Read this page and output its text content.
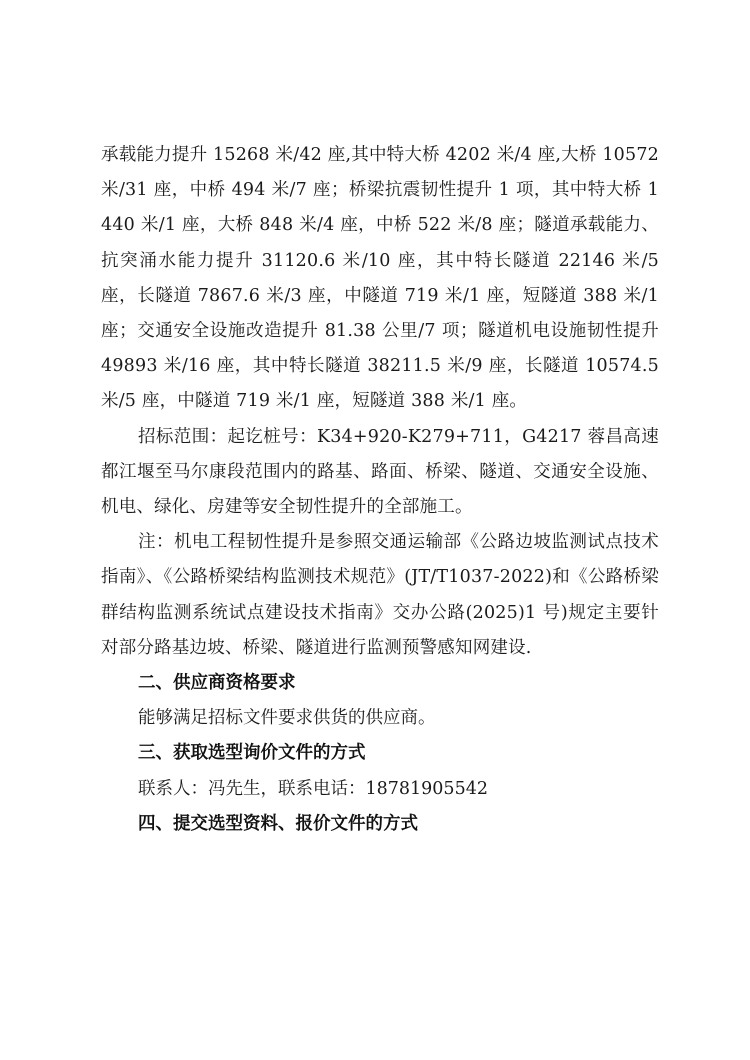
承载能力提升 15268 米/42 座,其中特大桥 4202 米/4 座,大桥 10572 米/31 座，中桥 494 米/7 座；桥梁抗震韧性提升 1 项，其中特大桥 1440 米/1 座，大桥 848 米/4 座，中桥 522 米/8 座；隧道承载能力、抗突涌水能力提升 31120.6 米/10 座，其中特长隧道 22146 米/5 座，长隧道 7867.6 米/3 座，中隧道 719 米/1 座，短隧道 388 米/1 座；交通安全设施改造提升 81.38 公里/7 项；隧道机电设施韧性提升 49893 米/16 座，其中特长隧道 38211.5 米/9 座，长隧道 10574.5 米/5 座，中隧道 719 米/1 座，短隧道 388 米/1 座。

招标范围：起讫桩号：K34+920-K279+711，G4217 蓉昌高速都江堰至马尔康段范围内的路基、路面、桥梁、隧道、交通安全设施、机电、绿化、房建等安全韧性提升的全部施工。

注：机电工程韧性提升是参照交通运输部《公路边坡监测试点技术指南》、《公路桥梁结构监测技术规范》(JT/T1037-2022)和《公路桥梁群结构监测系统试点建设技术指南》交办公路(2025)1 号)规定主要针对部分路基边坡、桥梁、隧道进行监测预警感知网建设.

二、供应商资格要求

能够满足招标文件要求供货的供应商。

三、获取选型询价文件的方式

联系人：冯先生，联系电话：18781905542

四、提交选型资料、报价文件的方式
